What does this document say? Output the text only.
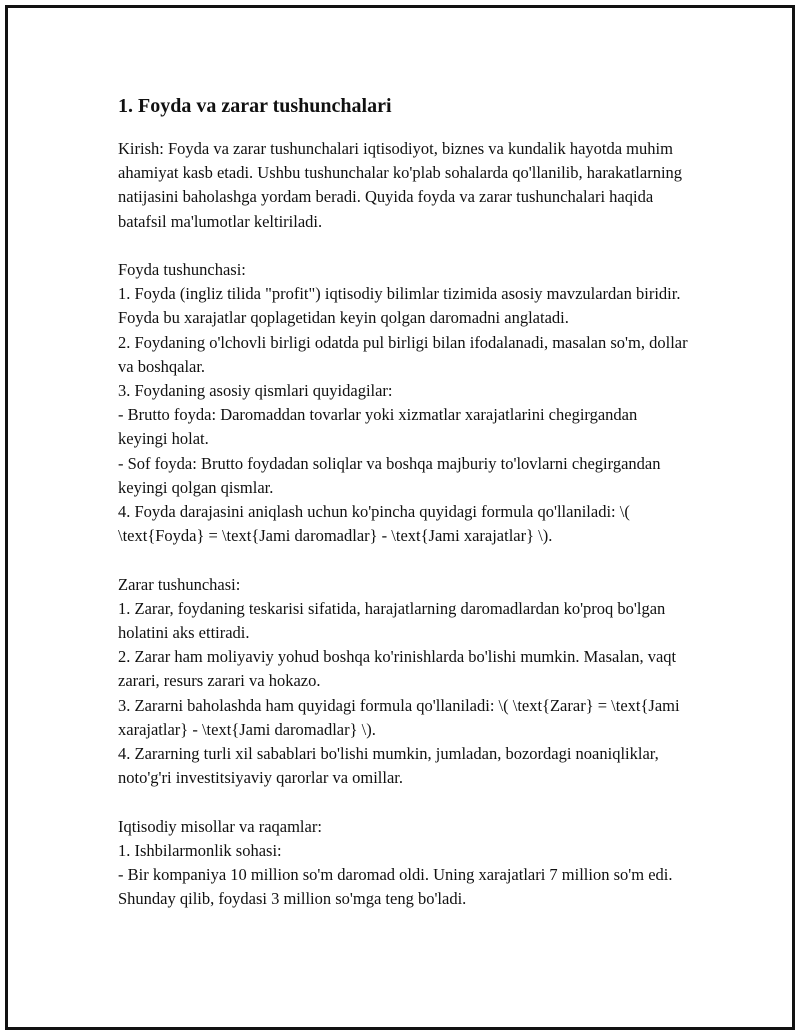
1. Foyda va zarar tushunchalari

Kirish: Foyda va zarar tushunchalari iqtisodiyot, biznes va kundalik hayotda muhim ahamiyat kasb etadi. Ushbu tushunchalar ko'plab sohalarda qo'llanilib, harakatlarning natijasini baholashga yordam beradi. Quyida foyda va zarar tushunchalari haqida batafsil ma'lumotlar keltiriladi.

Foyda tushunchasi:

1. Foyda (ingliz tilida "profit") iqtisodiy bilimlar tizimida asosiy mavzulardan biridir. Foyda bu xarajatlar qoplagetidan keyin qolgan daromadni anglatadi.

2. Foydaning o'lchovli birligi odatda pul birligi bilan ifodalanadi, masalan so'm, dollar va boshqalar.

3. Foydaning asosiy qismlari quyidagilar:

- Brutto foyda: Daromaddan tovarlar yoki xizmatlar xarajatlarini chegirgandan keyingi holat.

- Sof foyda: Brutto foydadan soliqlar va boshqa majburiy to'lovlarni chegirgandan keyingi qolgan qismlar.

4. Foyda darajasini aniqlash uchun ko'pincha quyidagi formula qo'llaniladi: \( \text{Foyda} = \text{Jami daromadlar} - \text{Jami xarajatlar} \).

Zarar tushunchasi:

1. Zarar, foydaning teskarisi sifatida, harajatlarning daromadlardan ko'proq bo'lgan holatini aks ettiradi.

2. Zarar ham moliyaviy yohud boshqa ko'rinishlarda bo'lishi mumkin. Masalan, vaqt zarari, resurs zarari va hokazo.

3. Zararni baholashda ham quyidagi formula qo'llaniladi: \( \text{Zarar} = \text{Jami xarajatlar} - \text{Jami daromadlar} \).

4. Zararning turli xil sabablari bo'lishi mumkin, jumladan, bozordagi noaniqliklar, noto'g'ri investitsiyaviy qarorlar va omillar.

Iqtisodiy misollar va raqamlar:

1. Ishbilarmonlik sohasi:

- Bir kompaniya 10 million so'm daromad oldi. Uning xarajatlari 7 million so'm edi. Shunday qilib, foydasi 3 million so'mga teng bo'ladi.
